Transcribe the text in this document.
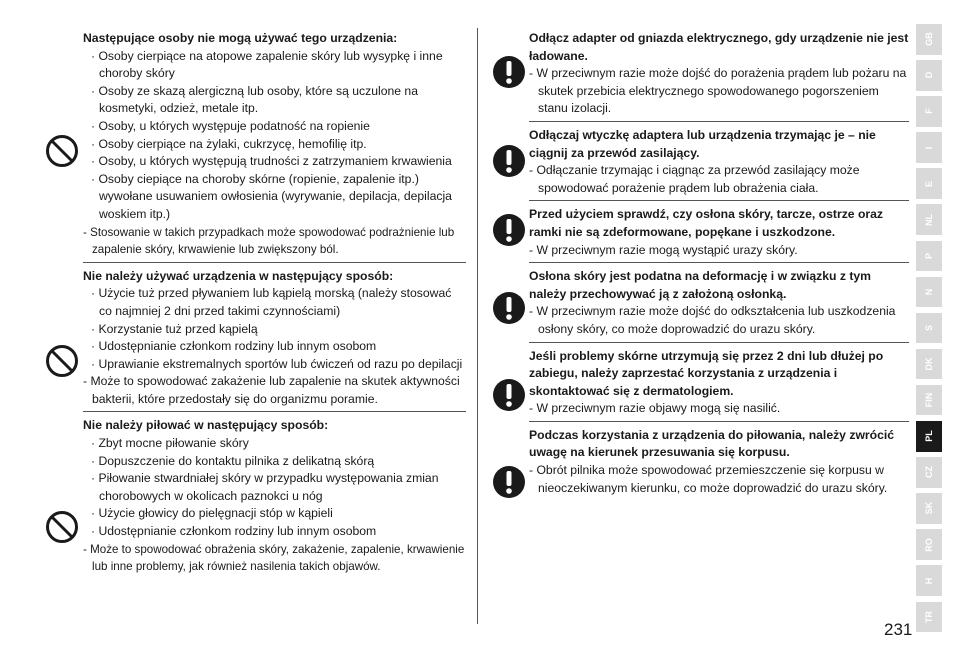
Następujące osoby nie mogą używać tego urządzenia:
· Osoby cierpiące na atopowe zapalenie skóry lub wysypkę i inne choroby skóry
· Osoby ze skazą alergiczną lub osoby, które są uczulone na kosmetyki, odzież, metale itp.
· Osoby, u których występuje podatność na ropienie
· Osoby cierpiące na żylaki, cukrzycę, hemofilię itp.
· Osoby, u których występują trudności z zatrzymaniem krwawienia
· Osoby ciepiące na choroby skórne (ropienie, zapalenie itp.) wywołane usuwaniem owłosienia (wyrywanie, depilacja, depilacja woskiem itp.)
- Stosowanie w takich przypadkach może spowodować podrażnienie lub zapalenie skóry, krwawienie lub zwiększony ból.
Nie należy używać urządzenia w następujący sposób:
· Użycie tuż przed pływaniem lub kąpielą morską (należy stosować co najmniej 2 dni przed takimi czynnościami)
· Korzystanie tuż przed kąpielą
· Udostępnianie członkom rodziny lub innym osobom
· Uprawianie ekstremalnych sportów lub ćwiczeń od razu po depilacji
- Może to spowodować zakażenie lub zapalenie na skutek aktywności bakterii, które przedostały się do organizmu poramie.
Nie należy piłować w następujący sposób:
· Zbyt mocne piłowanie skóry
· Dopuszczenie do kontaktu pilnika z delikatną skórą
· Piłowanie stwardniałej skóry w przypadku występowania zmian chorobowych w okolicach paznokci u nóg
· Użycie głowicy do pielęgnacji stóp w kąpieli
· Udostępnianie członkom rodziny lub innym osobom
- Może to spowodować obrażenia skóry, zakażenie, zapalenie, krwawienie lub inne problemy, jak również nasilenia takich objawów.
Odłącz adapter od gniazda elektrycznego, gdy urządzenie nie jest ładowane.
- W przeciwnym razie może dojść do porażenia prądem lub pożaru na skutek przebicia elektrycznego spowodowanego pogorszeniem stanu izolacji.
Odłączaj wtyczkę adaptera lub urządzenia trzymając je – nie ciągnij za przewód zasilający.
- Odłączanie trzymając i ciągnąc za przewód zasilający może spowodować porażenie prądem lub obrażenia ciała.
Przed użyciem sprawdź, czy osłona skóry, tarcze, ostrze oraz ramki nie są zdeformowane, popękane i uszkodzone.
- W przeciwnym razie mogą wystąpić urazy skóry.
Osłona skóry jest podatna na deformację i w związku z tym należy przechowywać ją z założoną osłonką.
- W przeciwnym razie może dojść do odkształcenia lub uszkodzenia osłony skóry, co może doprowadzić do urazu skóry.
Jeśli problemy skórne utrzymują się przez 2 dni lub dłużej po zabiegu, należy zaprzestać korzystania z urządzenia i skontaktować się z dermatologiem.
- W przeciwnym razie objawy mogą się nasilić.
Podczas korzystania z urządzenia do piłowania, należy zwrócić uwagę na kierunek przesuwania się korpusu.
- Obrót pilnika może spowodować przemieszczenie się korpusu w nieoczekiwanym kierunku, co może doprowadzić do urazu skóry.
GB
D
F
I
E
NL
P
N
S
DK
FIN
PL
CZ
SK
RO
H
TR
231
